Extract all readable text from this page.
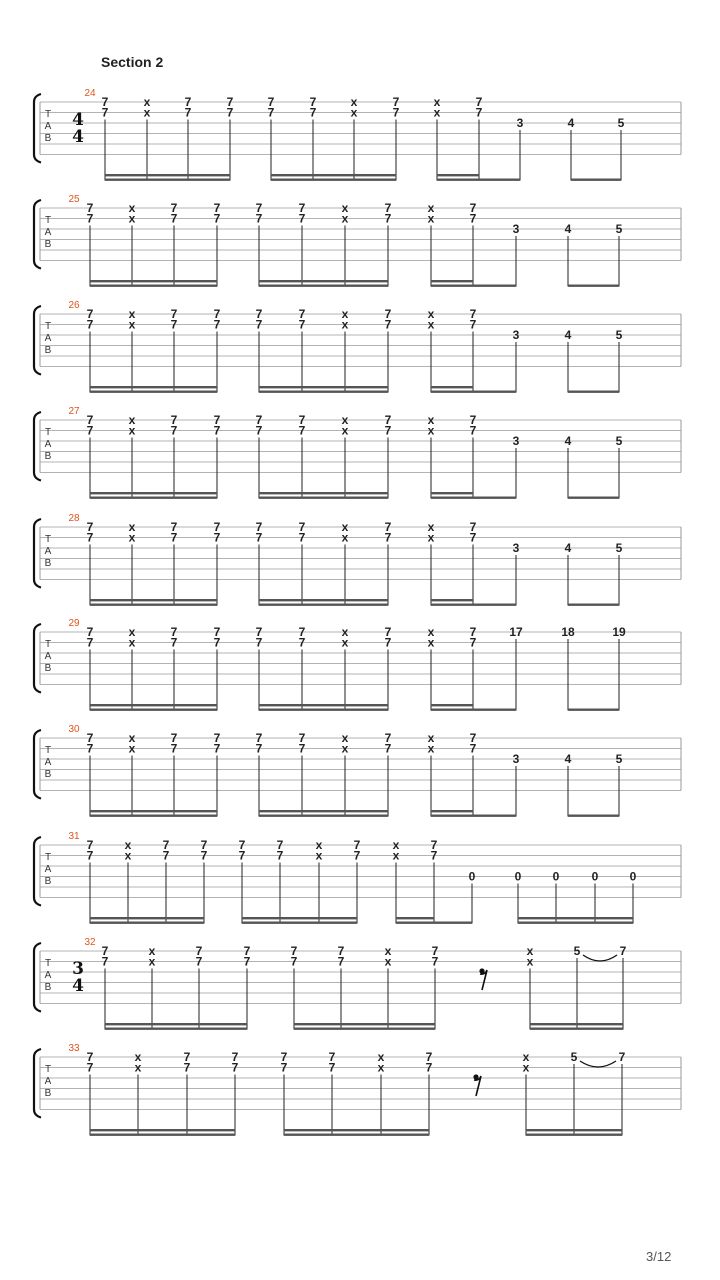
Section 2
T
A
B
24
4
4
7
7
x
x
7
7
7
7
7
7
7
7
x
x
7
7
x
x
7
7
3	4	5
T
A
B
25
7
7
x
x
7
7
7
7
7
7
7
7
x
x
7
7
x
x
7
7
3	4	5
T
A
B
26
7
7
x
x
7
7
7
7
7
7
7
7
x
x
7
7
x
x
7
7
3	4	5
T
A
B
27
7
7
x
x
7
7
7
7
7
7
7
7
x
x
7
7
x
x
7
7
3	4	5
T
A
B
28
7
7
x
x
7
7
7
7
7
7
7
7
x
x
7
7
x
x
7
7
3	4	5
T
A
B
29
7
7
x
x
7
7
7
7
7
7
7
7
x
x
7
7
x
x
7
7
17	18	19
T
A
B
30
7
7
x
x
7
7
7
7
7
7
7
7
x
x
7
7
x
x
7
7
3	4	5
T
A
B
31
7
7
x
x
7
7
7
7
7
7
7
7
x
x
7
7
x
x
7
7
0	0	0	0	0
T
A
B
32
3
4
7
7
x
x
7
7
7
7
7
7
7
7
x
x
7
7
x
x
5	7
T
A
B
33
7
7
x
x
7
7
7
7
7
7
7
7
x
x
7
7
x
x
5	7
3/12
